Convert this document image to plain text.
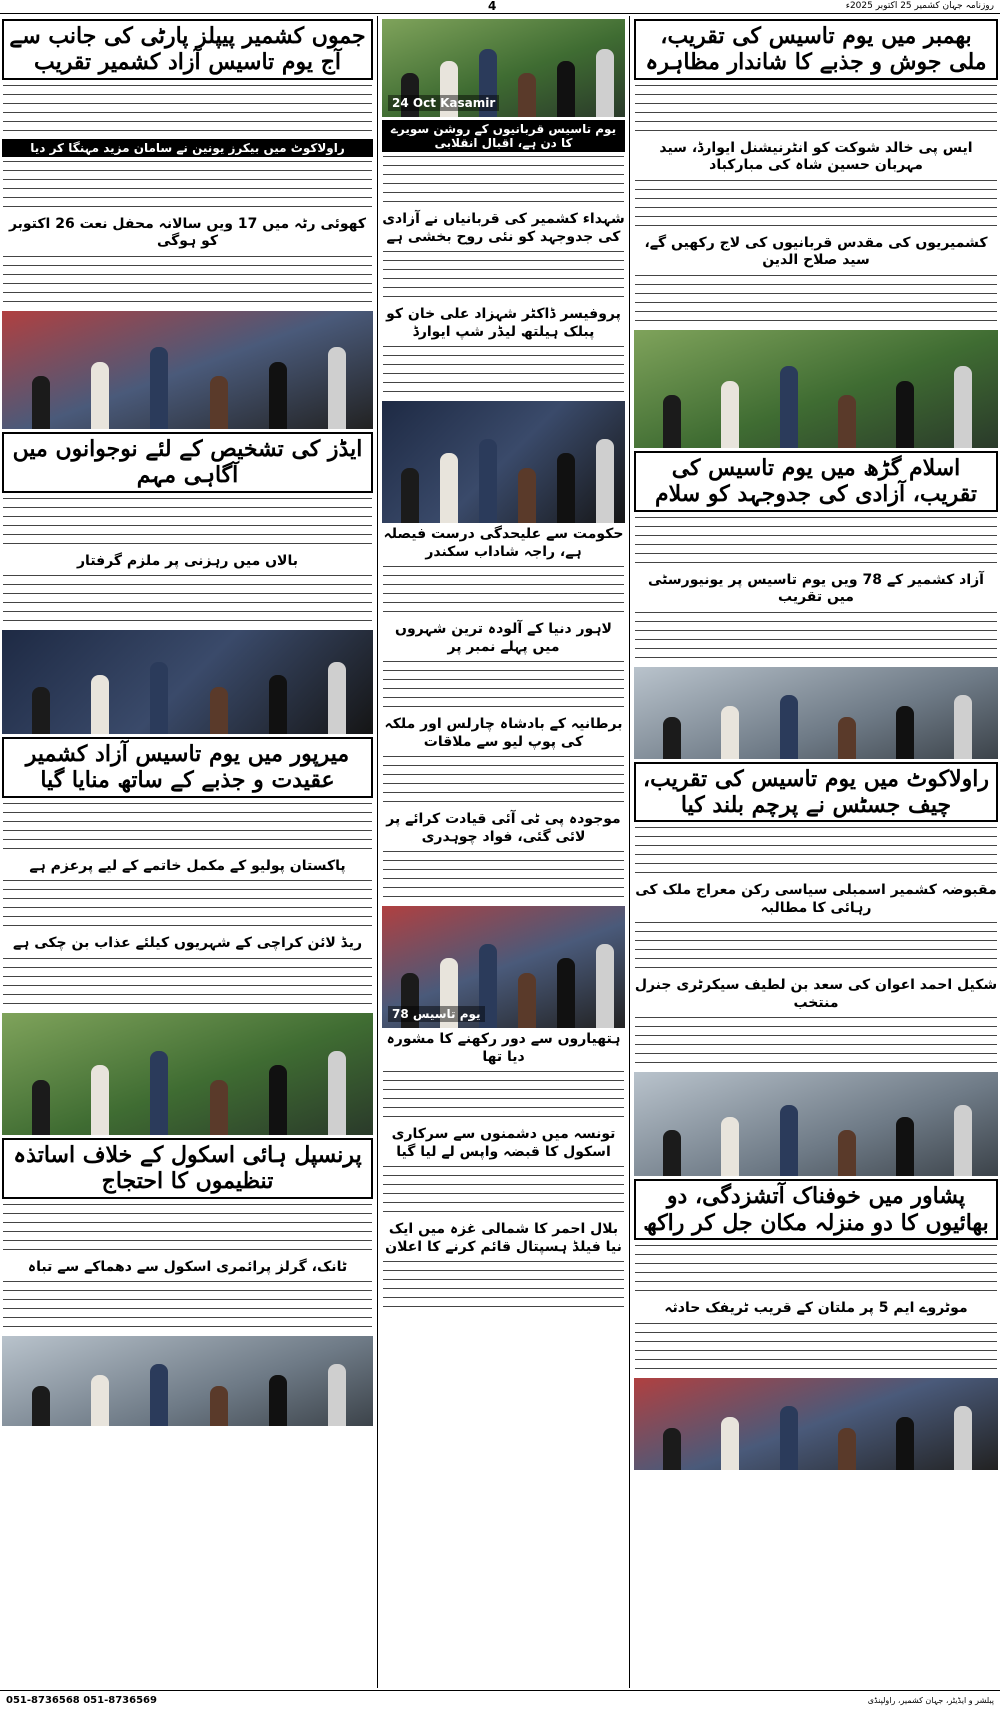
4	روزنامہ جہان کشمیر 25 اکتوبر 2025ء
جموں کشمیر پیپلز پارٹی کی جانب سے آج یوم تاسیس آزاد کشمیر تقریب
راولاکوٹ میں بیکرز یونین نے سامان مزید مہنگا کر دیا
کھوئی رٹہ میں 17 ویں سالانہ محفل نعت 26 اکتوبر کو ہوگی
ایڈز کی تشخیص کے لئے نوجوانوں میں آگاہی مہم
بالاں میں رہزنی پر ملزم گرفتار
میرپور میں یوم تاسیس آزاد کشمیر عقیدت و جذبے کے ساتھ منایا گیا
پاکستان پولیو کے مکمل خاتمے کے لیے پرعزم ہے
ریڈ لائن کراچی کے شہریوں کیلئے عذاب بن چکی ہے
پرنسپل ہائی اسکول کے خلاف اساتذہ تنظیموں کا احتجاج
ٹانک، گرلز پرائمری اسکول سے دھماکے سے تباہ
24 Oct Kasamir
یوم تاسیس قربانیوں کے روشن سویرے کا دن ہے، اقبال انقلابی
شہداء کشمیر کی قربانیاں نے آزادی کی جدوجہد کو نئی روح بخشی ہے
پروفیسر ڈاکٹر شہزاد علی خان کو پبلک ہیلتھ لیڈر شپ ایوارڈ
حکومت سے علیحدگی درست فیصلہ ہے، راجہ شاداب سکندر
لاہور دنیا کے آلودہ ترین شہروں میں پہلے نمبر پر
برطانیہ کے بادشاہ چارلس اور ملکہ کی پوپ لیو سے ملاقات
موجودہ پی ٹی آئی قیادت کرائے پر لائی گئی، فواد چوہدری
78 یوم تاسیس
ہتھیاروں سے دور رکھنے کا مشورہ دیا تھا
تونسہ میں دشمنوں سے سرکاری اسکول کا قبضہ واپس لے لیا گیا
بلال احمر کا شمالی غزہ میں ایک نیا فیلڈ ہسپتال قائم کرنے کا اعلان
بھمبر میں یوم تاسیس کی تقریب، ملی جوش و جذبے کا شاندار مظاہرہ
ایس پی خالد شوکت کو انٹرنیشنل ایوارڈ، سید مہربان حسین شاہ کی مبارکباد
کشمیریوں کی مقدس قربانیوں کی لاج رکھیں گے، سید صلاح الدین
اسلام گڑھ میں یوم تاسیس کی تقریب، آزادی کی جدوجہد کو سلام
آزاد کشمیر کے 78 ویں یوم تاسیس پر یونیورسٹی میں تقریب
راولاکوٹ میں یوم تاسیس کی تقریب، چیف جسٹس نے پرچم بلند کیا
مقبوضہ کشمیر اسمبلی سیاسی رکن معراج ملک کی رہائی کا مطالبہ
شکیل احمد اعوان کی سعد بن لطیف سیکرٹری جنرل منتخب
پشاور میں خوفناک آتشزدگی، دو بھائیوں کا دو منزلہ مکان جل کر راکھ
موٹروے ایم 5 پر ملتان کے قریب ٹریفک حادثہ
051-8736568 051-8736569	پبلشر و ایڈیٹر، جہان کشمیر، راولپنڈی
